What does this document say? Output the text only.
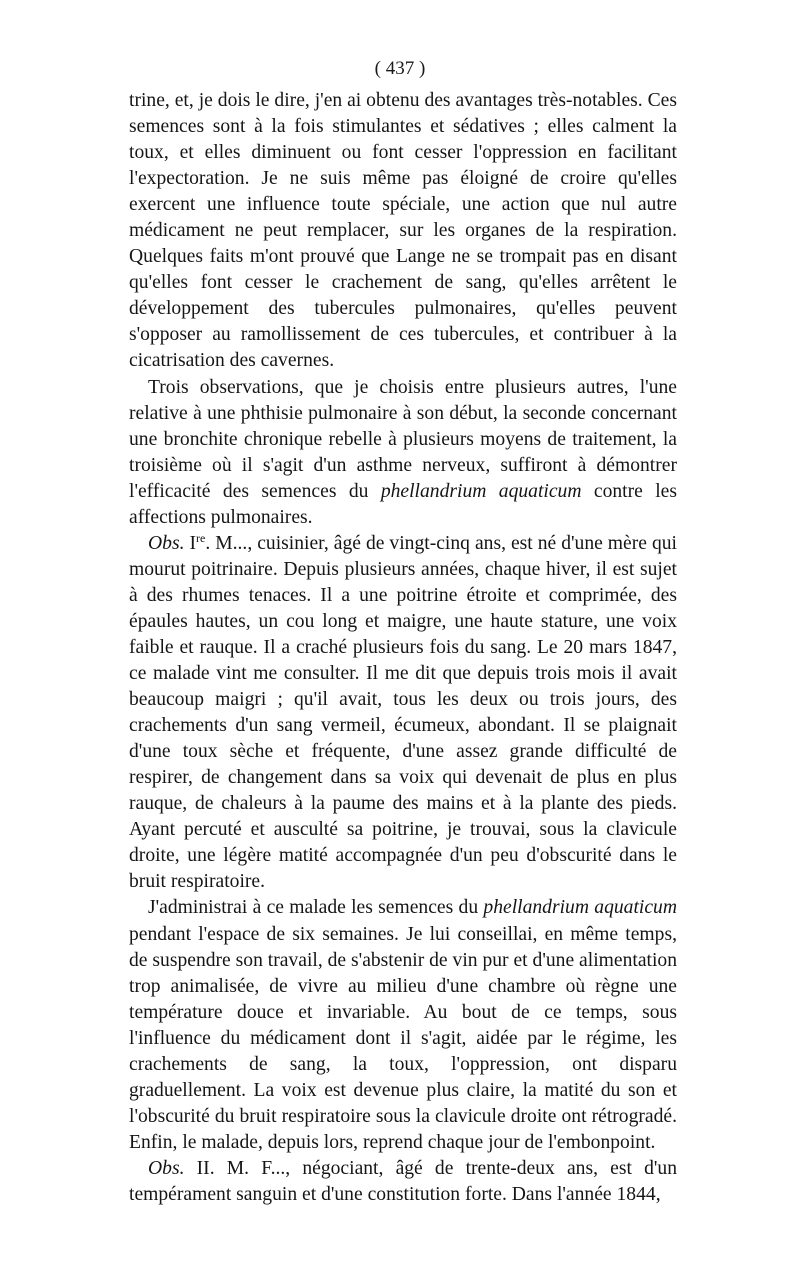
( 437 )

trine, et, je dois le dire, j'en ai obtenu des avantages très-notables. Ces semences sont à la fois stimulantes et sédatives ; elles calment la toux, et elles diminuent ou font cesser l'oppression en facilitant l'expectoration. Je ne suis même pas éloigné de croire qu'elles exercent une influence toute spéciale, une action que nul autre médicament ne peut remplacer, sur les organes de la respiration. Quelques faits m'ont prouvé que Lange ne se trompait pas en disant qu'elles font cesser le crachement de sang, qu'elles arrêtent le développement des tubercules pulmonaires, qu'elles peuvent s'opposer au ramollissement de ces tubercules, et contribuer à la cicatrisation des cavernes.

Trois observations, que je choisis entre plusieurs autres, l'une relative à une phthisie pulmonaire à son début, la seconde concernant une bronchite chronique rebelle à plusieurs moyens de traitement, la troisième où il s'agit d'un asthme nerveux, suffiront à démontrer l'efficacité des semences du phellandrium aquaticum contre les affections pulmonaires.

Obs. Ire. M..., cuisinier, âgé de vingt-cinq ans, est né d'une mère qui mourut poitrinaire. Depuis plusieurs années, chaque hiver, il est sujet à des rhumes tenaces. Il a une poitrine étroite et comprimée, des épaules hautes, un cou long et maigre, une haute stature, une voix faible et rauque. Il a craché plusieurs fois du sang. Le 20 mars 1847, ce malade vint me consulter. Il me dit que depuis trois mois il avait beaucoup maigri ; qu'il avait, tous les deux ou trois jours, des crachements d'un sang vermeil, écumeux, abondant. Il se plaignait d'une toux sèche et fréquente, d'une assez grande difficulté de respirer, de changement dans sa voix qui devenait de plus en plus rauque, de chaleurs à la paume des mains et à la plante des pieds. Ayant percuté et ausculté sa poitrine, je trouvai, sous la clavicule droite, une légère matité accompagnée d'un peu d'obscurité dans le bruit respiratoire.

J'administrai à ce malade les semences du phellandrium aquaticum pendant l'espace de six semaines. Je lui conseillai, en même temps, de suspendre son travail, de s'abstenir de vin pur et d'une alimentation trop animalisée, de vivre au milieu d'une chambre où règne une température douce et invariable. Au bout de ce temps, sous l'influence du médicament dont il s'agit, aidée par le régime, les crachements de sang, la toux, l'oppression, ont disparu graduellement. La voix est devenue plus claire, la matité du son et l'obscurité du bruit respiratoire sous la clavicule droite ont rétrogradé. Enfin, le malade, depuis lors, reprend chaque jour de l'embonpoint.

Obs. II. M. F..., négociant, âgé de trente-deux ans, est d'un tempérament sanguin et d'une constitution forte. Dans l'année 1844,
